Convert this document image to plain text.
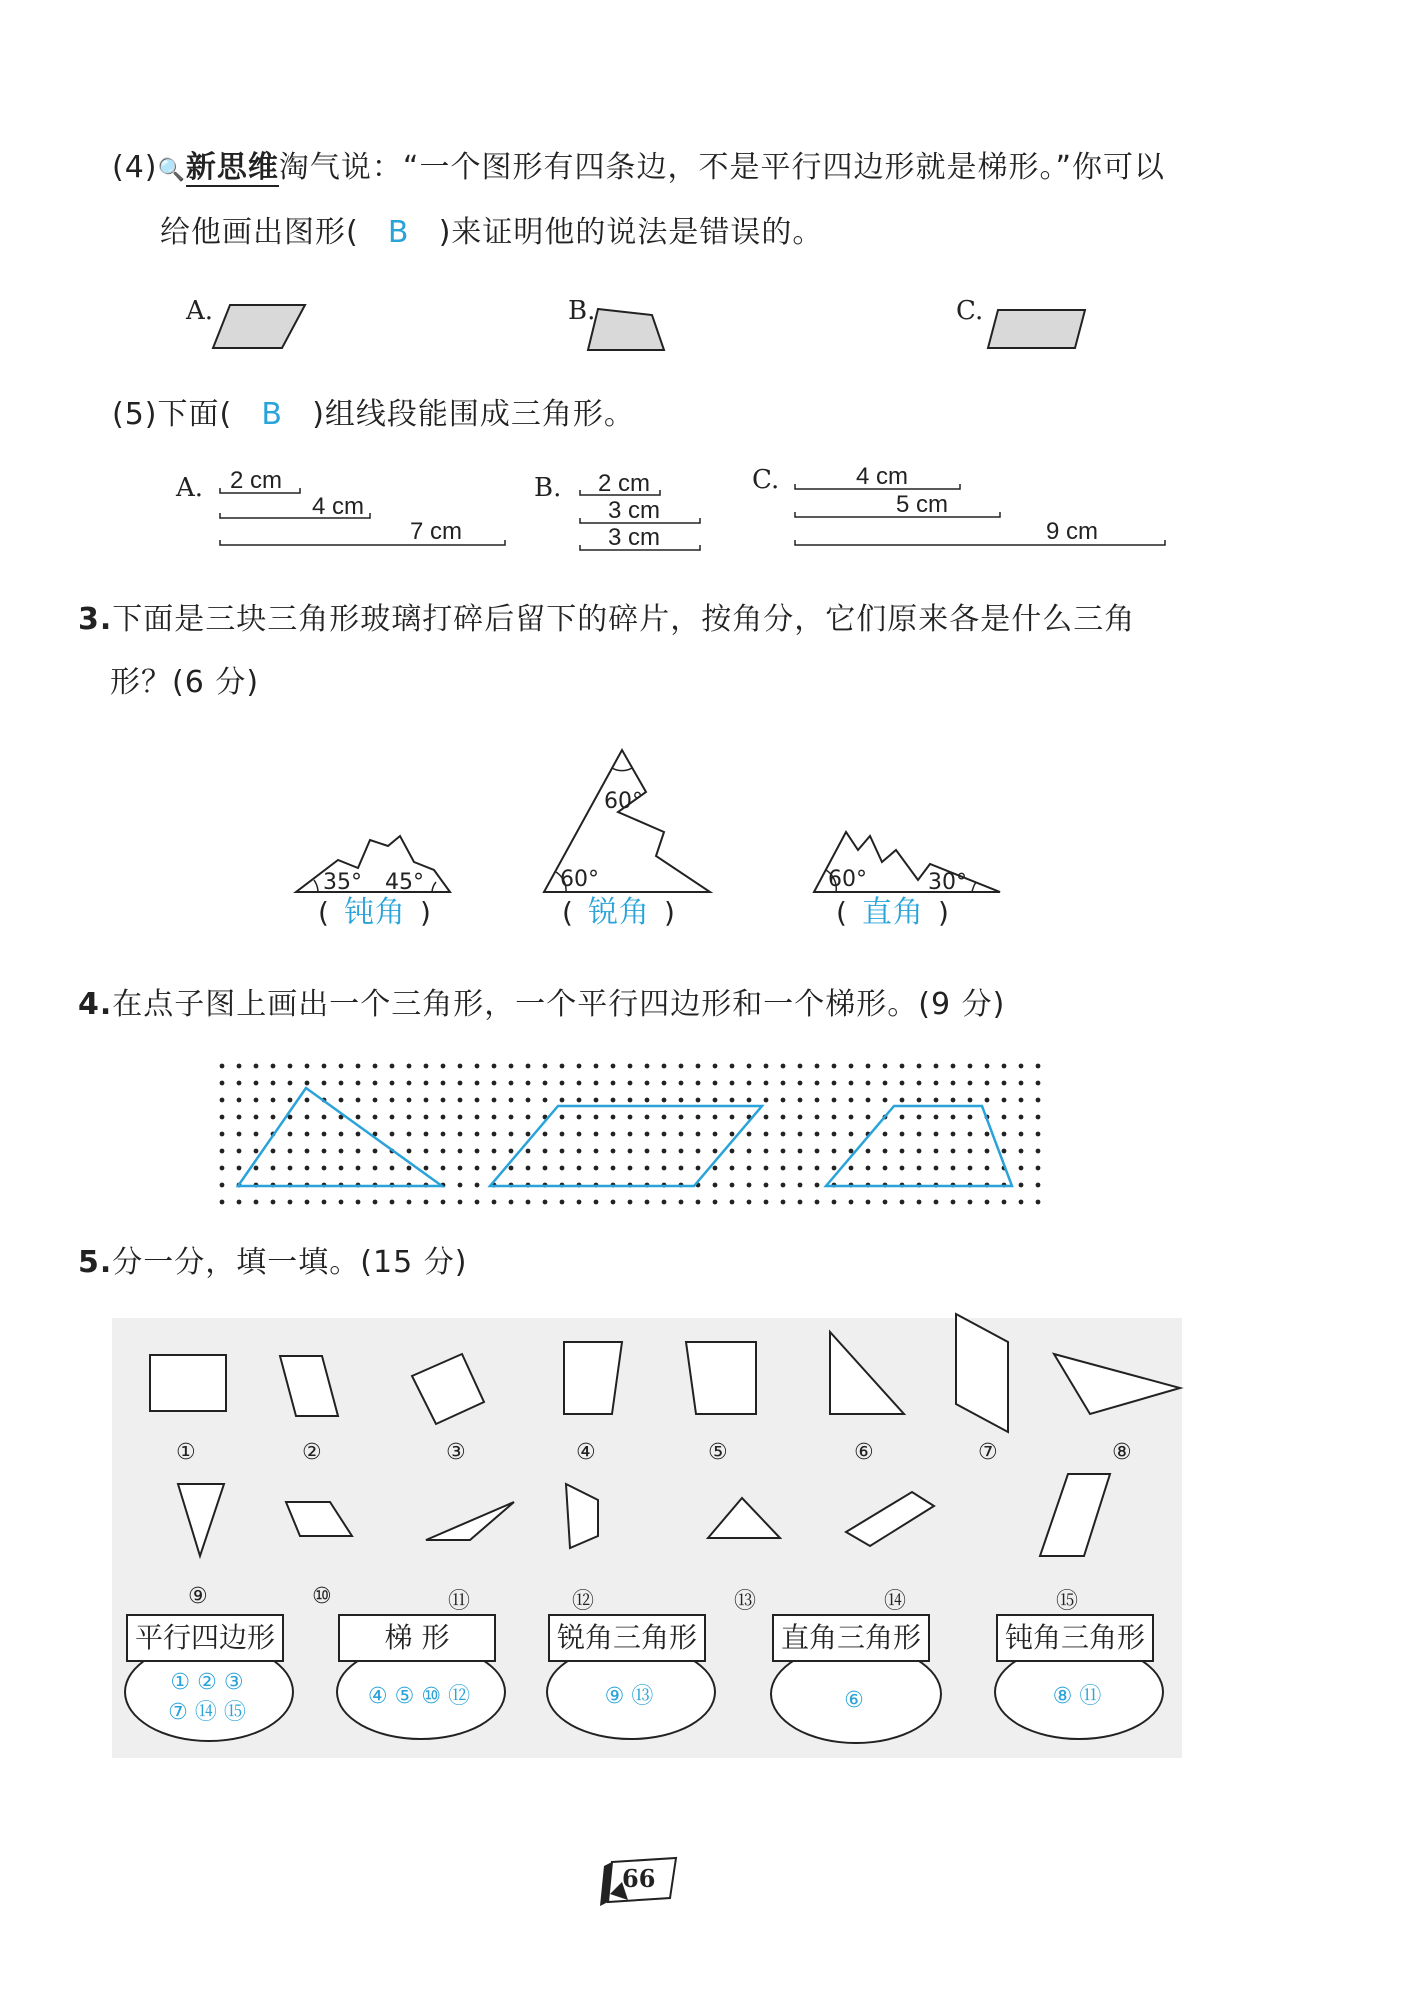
(4)🔍新思维淘气说：“一个图形有四条边，不是平行四边形就是梯形。”你可以
给他画出图形( B )来证明他的说法是错误的。
A.	B.	C.
(5)下面( B )组线段能围成三角形。
A.	B.	C.
2 cm
4 cm
7 cm
2 cm
3 cm
3 cm
4 cm
5 cm
9 cm
3.下面是三块三角形玻璃打碎后留下的碎片，按角分，它们原来各是什么三角
形？(6 分)
35° 45°
60°
60°	60°	30°
( 钝角 )	( 锐角 )	( 直角 )
4.在点子图上画出一个三角形，一个平行四边形和一个梯形。(9 分)
5.分一分，填一填。(15 分)
①	②	③	④	⑤	⑥	⑦	⑧
⑨	⑩	⑪	⑫	⑬	⑭	⑮
平行四边形
① ② ③
⑦ ⑭ ⑮
梯 形
④ ⑤ ⑩ ⑫
锐角三角形
⑨ ⑬
直角三角形
⑥
钝角三角形
⑧ ⑪
66
